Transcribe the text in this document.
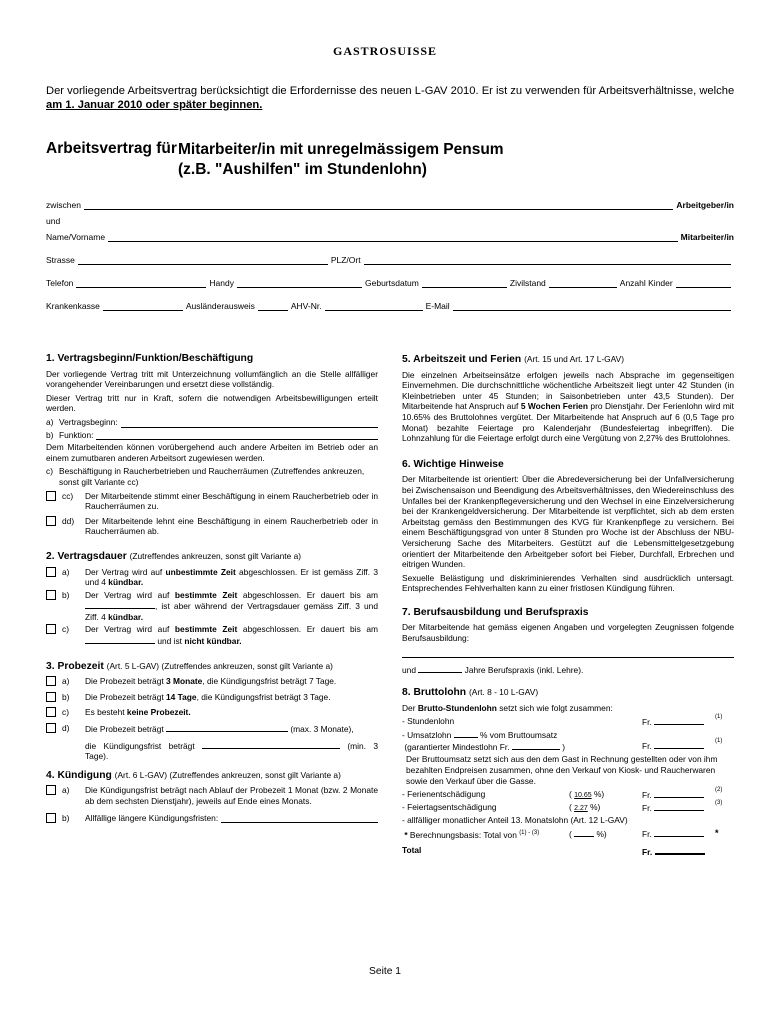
GASTROSUISSE
Der vorliegende Arbeitsvertrag berücksichtigt die Erfordernisse des neuen L-GAV 2010. Er ist zu verwenden für Arbeitsverhältnisse, welche am 1. Januar 2010 oder später beginnen.
Arbeitsvertrag für Mitarbeiter/in mit unregelmässigem Pensum
(z.B. "Aushilfen" im Stundenlohn)
zwischen	Arbeitgeber/in
und
Name/Vorname	Mitarbeiter/in
Strasse	PLZ/Ort
Telefon	Handy	Geburtsdatum	Zivilstand	Anzahl Kinder
Krankenkasse	Ausländerausweis	AHV-Nr.	E-Mail
1. Vertragsbeginn/Funktion/Beschäftigung
Der vorliegende Vertrag tritt mit Unterzeichnung vollumfänglich an die Stelle allfälliger vorangehender Vereinbarungen und ersetzt diese vollständig.
Dieser Vertrag tritt nur in Kraft, sofern die notwendigen Arbeitsbewilligungen erteilt werden.
a) Vertragsbeginn:
b) Funktion:
Dem Mitarbeitenden können vorübergehend auch andere Arbeiten im Betrieb oder an einem zumutbaren anderen Arbeitsort zugewiesen werden.
c) Beschäftigung in Raucherbetrieben und Raucherräumen (Zutreffendes ankreuzen, sonst gilt Variante cc)
cc) Der Mitarbeitende stimmt einer Beschäftigung in einem Raucherbetrieb oder in Raucherräumen zu.
dd) Der Mitarbeitende lehnt eine Beschäftigung in einem Raucherbetrieb oder in Raucherräumen ab.
2. Vertragsdauer (Zutreffendes ankreuzen, sonst gilt Variante a)
a) Der Vertrag wird auf unbestimmte Zeit abgeschlossen. Er ist gemäss Ziff. 3 und 4 kündbar.
b) Der Vertrag wird auf bestimmte Zeit abgeschlossen. Er dauert bis am , ist aber während der Vertragsdauer gemäss Ziff. 3 und Ziff. 4 kündbar.
c) Der Vertrag wird auf bestimmte Zeit abgeschlossen. Er dauert bis am  und ist nicht kündbar.
3. Probezeit (Art. 5 L-GAV) (Zutreffendes ankreuzen, sonst gilt Variante a)
a) Die Probezeit beträgt 3 Monate, die Kündigungsfrist beträgt 7 Tage.
b) Die Probezeit beträgt 14 Tage, die Kündigungsfrist beträgt 3 Tage.
c) Es besteht keine Probezeit.
d) Die Probezeit beträgt	(max. 3 Monate),
die Kündigungsfrist beträgt	(min. 3 Tage).
4. Kündigung (Art. 6 L-GAV) (Zutreffendes ankreuzen, sonst gilt Variante a)
a) Die Kündigungsfrist beträgt nach Ablauf der Probezeit 1 Monat (bzw. 2 Monate ab dem sechsten Dienstjahr), jeweils auf Ende eines Monats.
b) Allfällige längere Kündigungsfristen:
5. Arbeitszeit und Ferien (Art. 15 und Art. 17 L-GAV)
Die einzelnen Arbeitseinsätze erfolgen jeweils nach Absprache im gegenseitigen Einvernehmen. Die durchschnittliche wöchentliche Arbeitszeit liegt unter 42 Stunden (in Kleinbetrieben unter 45 Stunden; in Saisonbetrieben unter 43,5 Stunden). Der Mitarbeitende hat Anspruch auf 5 Wochen Ferien pro Dienstjahr. Der Ferienlohn wird mit 10.65% des Bruttolohnes vergütet. Der Mitarbeitende hat Anspruch auf 6 (0,5 Tage pro Monat) bezahlte Feiertage pro Kalenderjahr (Bundesfeiertag inbegriffen). Die Lohnzahlung für die Feiertage erfolgt durch eine Vergütung von 2,27% des Bruttolohnes.
6. Wichtige Hinweise
Der Mitarbeitende ist orientiert: Über die Abredeversicherung bei der Unfallversicherung bei Zwischensaison und Beendigung des Arbeitsverhältnisses, den Wiedereinschluss des Unfalles bei der Krankenpflegeversicherung und den Wechsel in eine Einzelversicherung bei der Krankengeldversicherung. Der Mitarbeitende ist verpflichtet, sich ab dem ersten Arbeitstag gemäss den Bestimmungen des KVG für Krankenpflege zu versichern. Bei einem Beschäftigungsgrad von unter 8 Stunden pro Woche ist der Abschluss der NBU-Versicherung Sache des Mitarbeiters. Gestützt auf die Lebensmittelgesetzgebung orientiert der Mitarbeitende den Arbeitgeber sofort bei Fieber, Durchfall, Erbrechen und eitrigen Wunden.
Sexuelle Belästigung und diskriminierendes Verhalten sind ausdrücklich untersagt. Entsprechendes Fehlverhalten kann zu einer fristlosen Kündigung führen.
7. Berufsausbildung und Berufspraxis
Der Mitarbeitende hat gemäss eigenen Angaben und vorgelegten Zeugnissen folgende Berufsausbildung:
und	Jahre Berufspraxis (inkl. Lehre).
8. Bruttolohn (Art. 8 - 10 L-GAV)
Der Brutto-Stundenlohn setzt sich wie folgt zusammen:
- Stundenlohn	Fr.	(1)
- Umsatzlohn	% vom Bruttoumsatz
(garantierter Mindestlohn Fr.	)	Fr.	(1)
Der Bruttoumsatz setzt sich aus den dem Gast in Rechnung gestellten oder von ihm bezahlten Endpreisen zusammen, ohne den Verkauf von Kiosk- und Raucherwaren sowie den Verkauf über die Gasse.
- Ferienentschädigung	( 10.65 %)	Fr.	(2)
- Feiertagsentschädigung	( 2.27 %)	Fr.	(3)
- allfälliger monatlicher Anteil 13. Monatslohn (Art. 12 L-GAV)
* Berechnungsbasis: Total von $^{(1) - (3)}$	(	%)	Fr.	*
Total	Fr.
Seite 1
